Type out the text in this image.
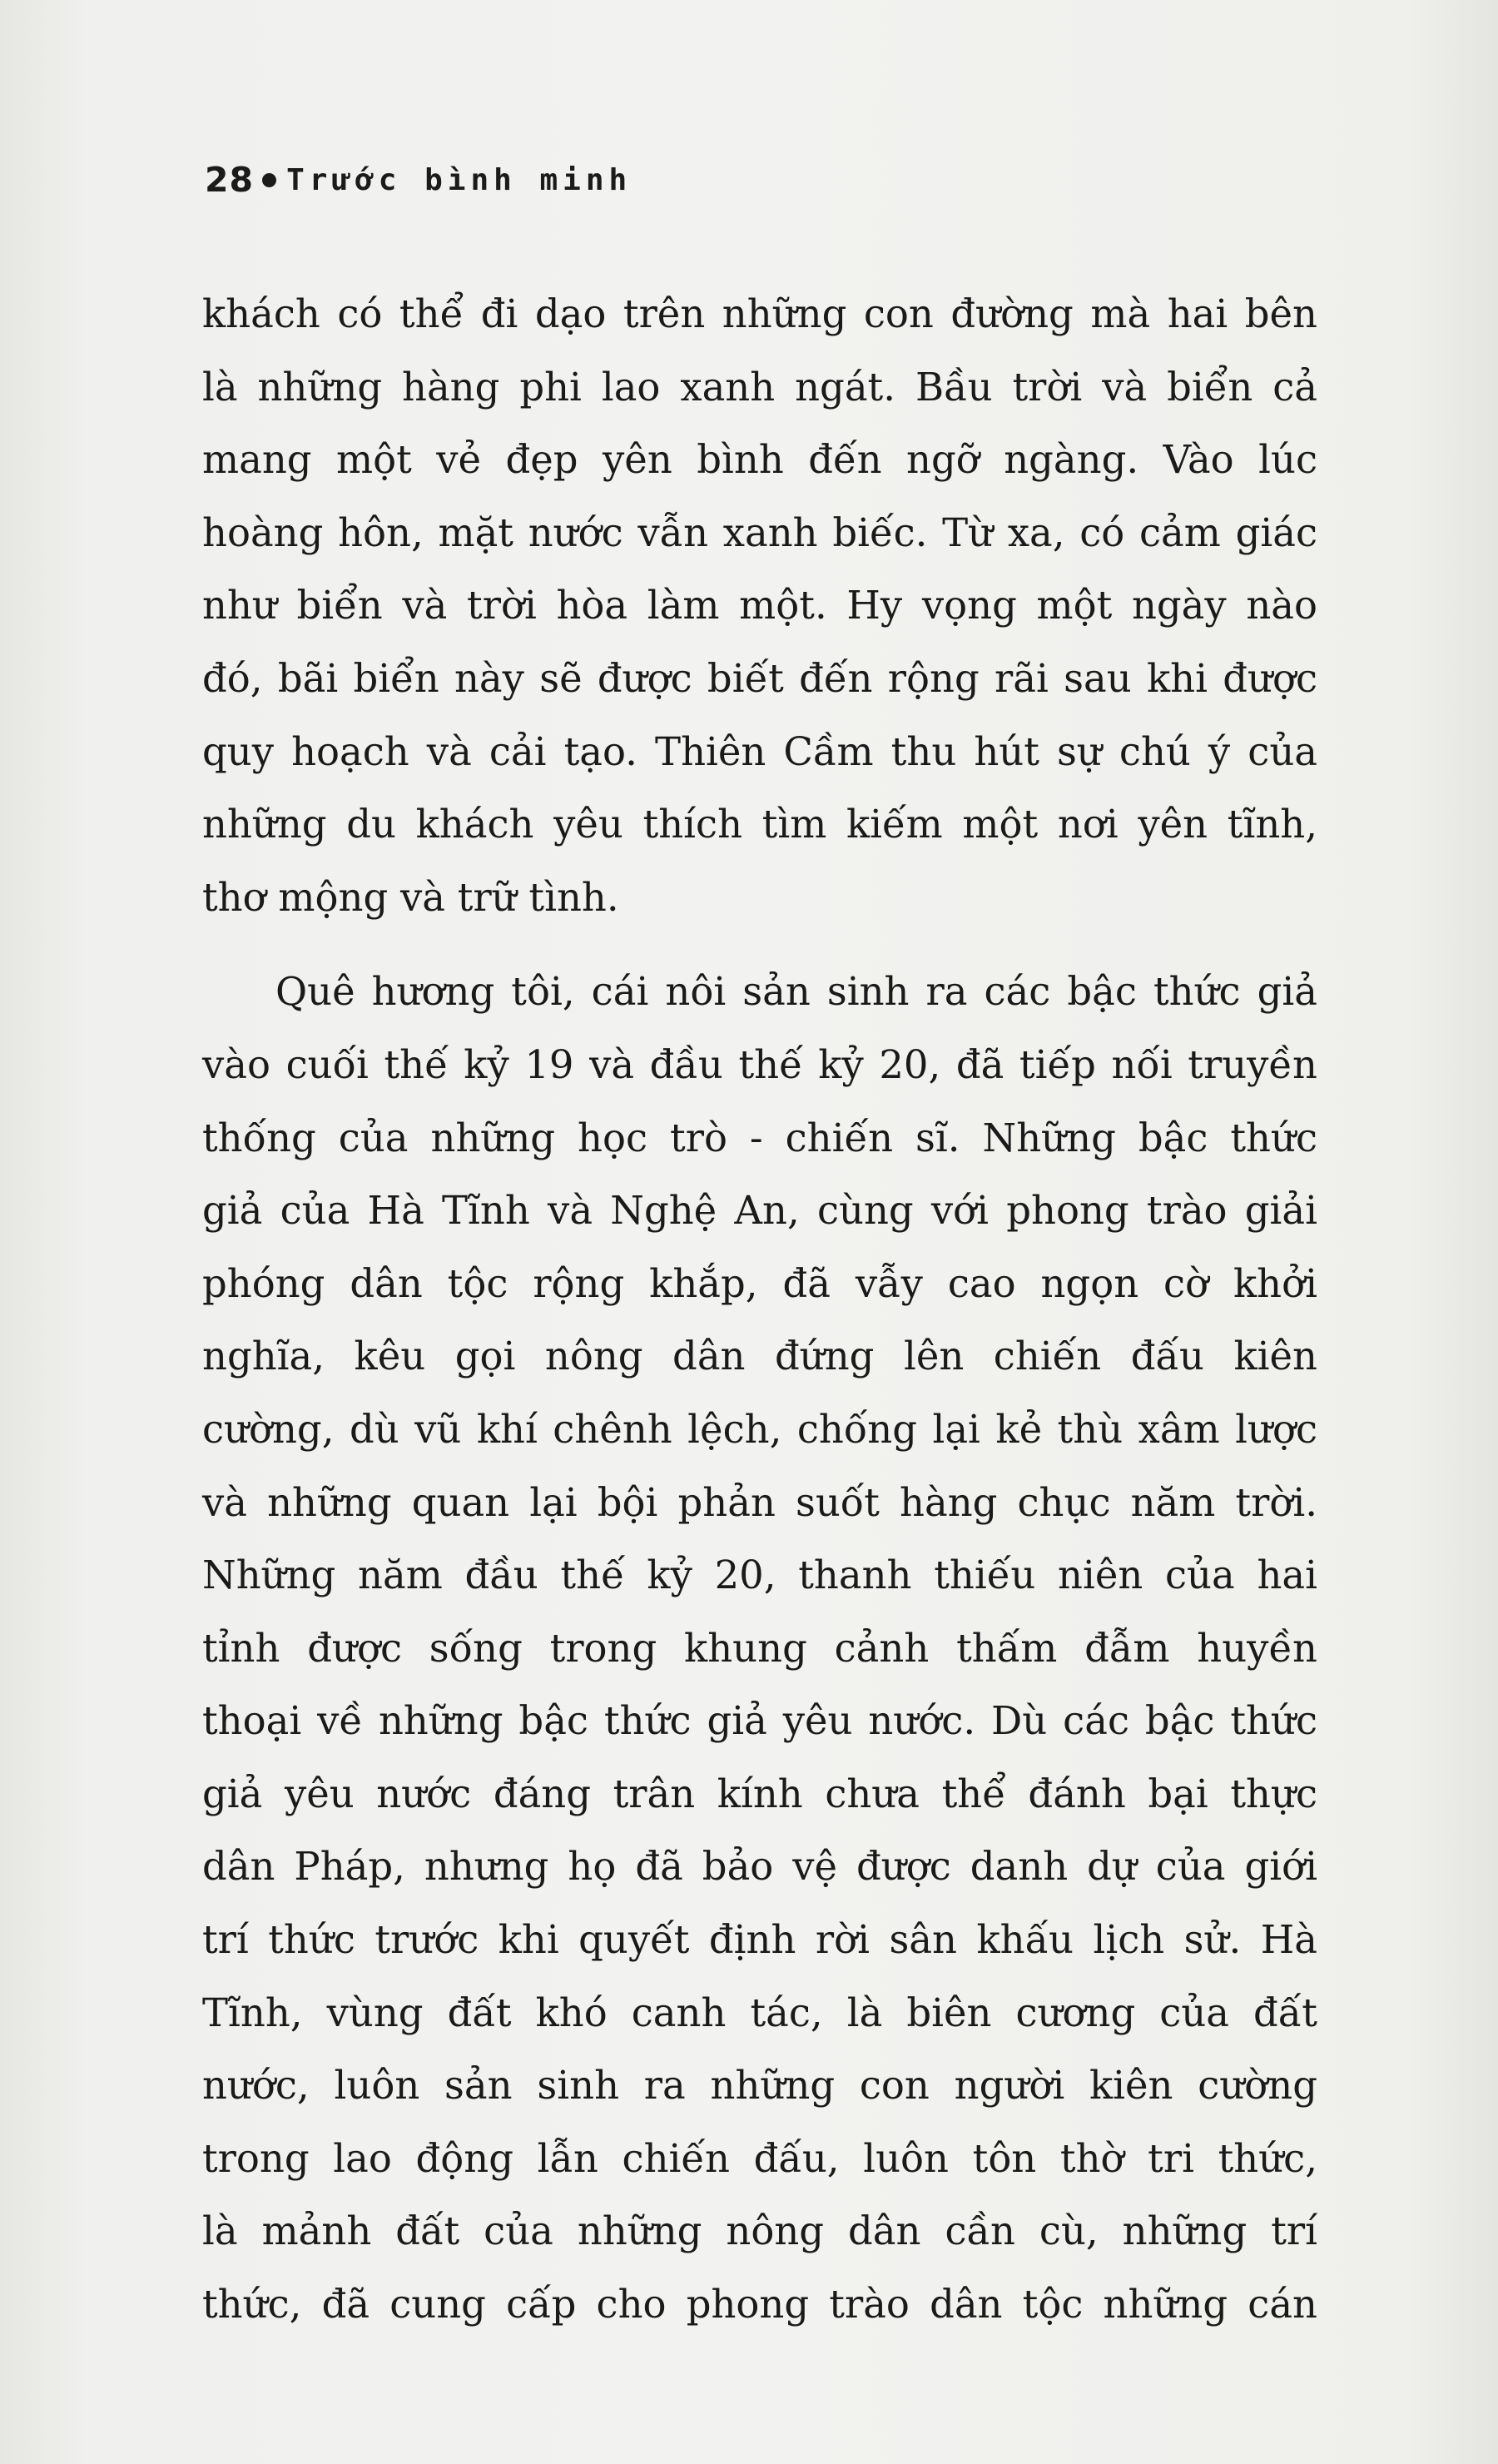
28 Trước bình minh
khách có thể đi dạo trên những con đường mà hai bên
là những hàng phi lao xanh ngát. Bầu trời và biển cả
mang một vẻ đẹp yên bình đến ngỡ ngàng. Vào lúc
hoàng hôn, mặt nước vẫn xanh biếc. Từ xa, có cảm giác
như biển và trời hòa làm một. Hy vọng một ngày nào
đó, bãi biển này sẽ được biết đến rộng rãi sau khi được
quy hoạch và cải tạo. Thiên Cầm thu hút sự chú ý của
những du khách yêu thích tìm kiếm một nơi yên tĩnh,
thơ mộng và trữ tình.
Quê hương tôi, cái nôi sản sinh ra các bậc thức giả
vào cuối thế kỷ 19 và đầu thế kỷ 20, đã tiếp nối truyền
thống của những học trò - chiến sĩ. Những bậc thức
giả của Hà Tĩnh và Nghệ An, cùng với phong trào giải
phóng dân tộc rộng khắp, đã vẫy cao ngọn cờ khởi
nghĩa, kêu gọi nông dân đứng lên chiến đấu kiên
cường, dù vũ khí chênh lệch, chống lại kẻ thù xâm lược
và những quan lại bội phản suốt hàng chục năm trời.
Những năm đầu thế kỷ 20, thanh thiếu niên của hai
tỉnh được sống trong khung cảnh thấm đẫm huyền
thoại về những bậc thức giả yêu nước. Dù các bậc thức
giả yêu nước đáng trân kính chưa thể đánh bại thực
dân Pháp, nhưng họ đã bảo vệ được danh dự của giới
trí thức trước khi quyết định rời sân khấu lịch sử. Hà
Tĩnh, vùng đất khó canh tác, là biên cương của đất
nước, luôn sản sinh ra những con người kiên cường
trong lao động lẫn chiến đấu, luôn tôn thờ tri thức,
là mảnh đất của những nông dân cần cù, những trí
thức, đã cung cấp cho phong trào dân tộc những cán
